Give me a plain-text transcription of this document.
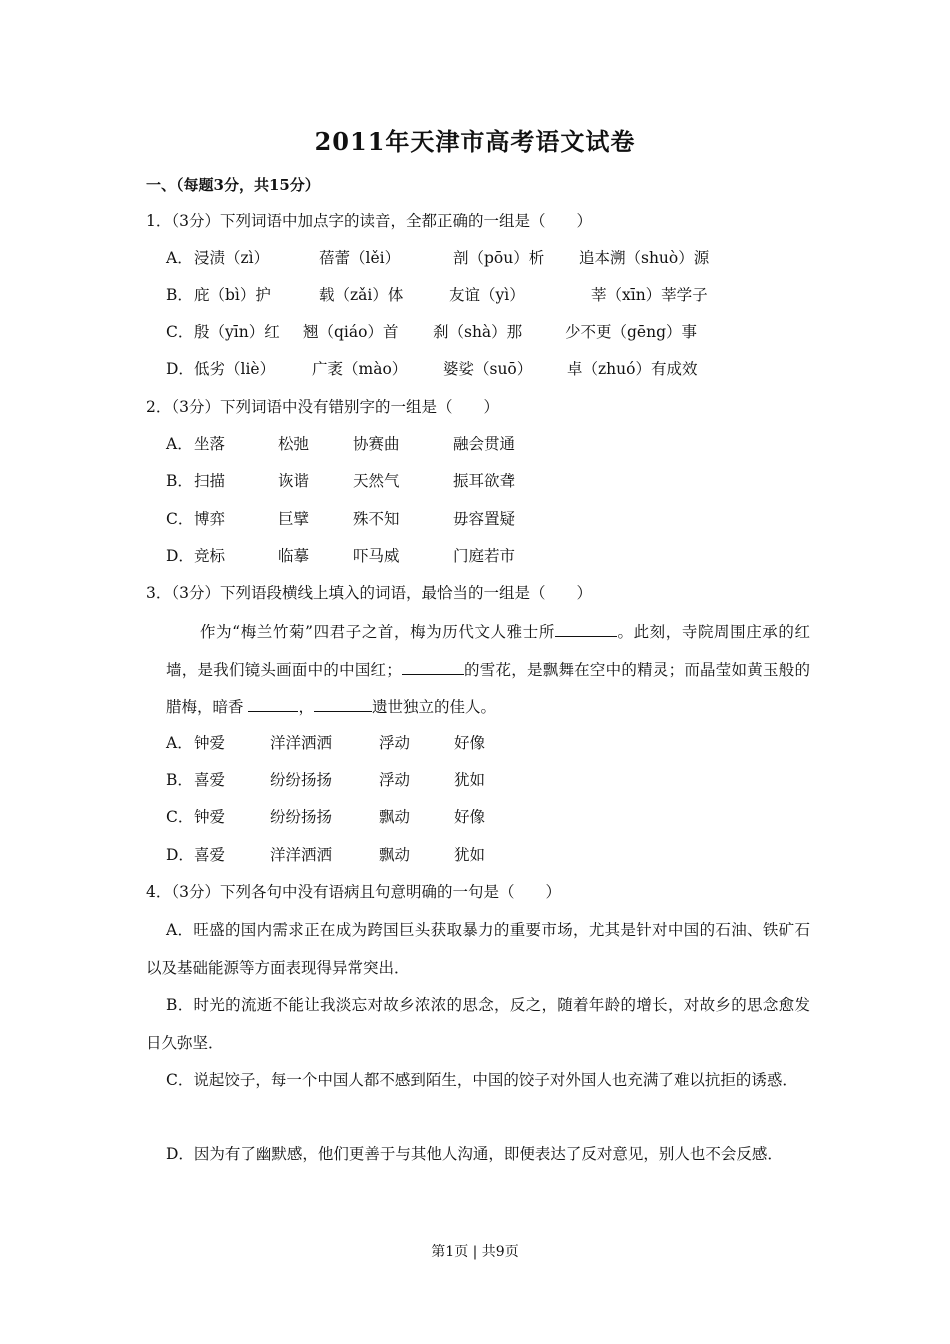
2011年天津市高考语文试卷
一、（每题3分，共15分）
1．（3分）下列词语中加点字的读音，全都正确的一组是（　　）
A． 浸渍（zì）	蓓蕾（lěi）	剖（pōu）析 追本溯（shuò）源
B． 庇（bì）护	载（zǎi）体	友谊（yì）	莘（xīn）莘学子
C． 殷（yīn）红 翘（qiáo）首 刹（shà）那	少不更（gēng）事
D． 低劣（liè） 广袤（mào） 婆娑（suō） 卓（zhuó）有成效
2．（3分）下列词语中没有错别字的一组是（　　）
A． 坐落	松弛	协赛曲	融会贯通
B． 扫描	诙谐	天然气	振耳欲聋
C． 博弈	巨擘	殊不知	毋容置疑
D． 竞标	临摹	吓马威	门庭若市
3．（3分）下列语段横线上填入的词语，最恰当的一组是（　　）
作为“梅兰竹菊”四君子之首，梅为历代文人雅士所	。此刻，寺院周围庄承的红墙，是我们镜头画面中的中国红；	的雪花，是飘舞在空中的精灵；而晶莹如黄玉般的腊梅，暗香	，	遗世独立的佳人。
A． 钟爱	洋洋洒洒	浮动	好像
B． 喜爱	纷纷扬扬	浮动	犹如
C． 钟爱	纷纷扬扬	飘动	好像
D． 喜爱	洋洋洒洒	飘动	犹如
4．（3分）下列各句中没有语病且句意明确的一句是（　　）
A．旺盛的国内需求正在成为跨国巨头获取暴力的重要市场，尤其是针对中国的石油、铁矿石以及基础能源等方面表现得异常突出．
B．时光的流逝不能让我淡忘对故乡浓浓的思念，反之，随着年龄的增长，对故乡的思念愈发日久弥坚．
C．说起饺子，每一个中国人都不感到陌生，中国的饺子对外国人也充满了难以抗拒的诱惑．
D．因为有了幽默感，他们更善于与其他人沟通，即便表达了反对意见，别人也不会反感．
第1页 | 共9页
